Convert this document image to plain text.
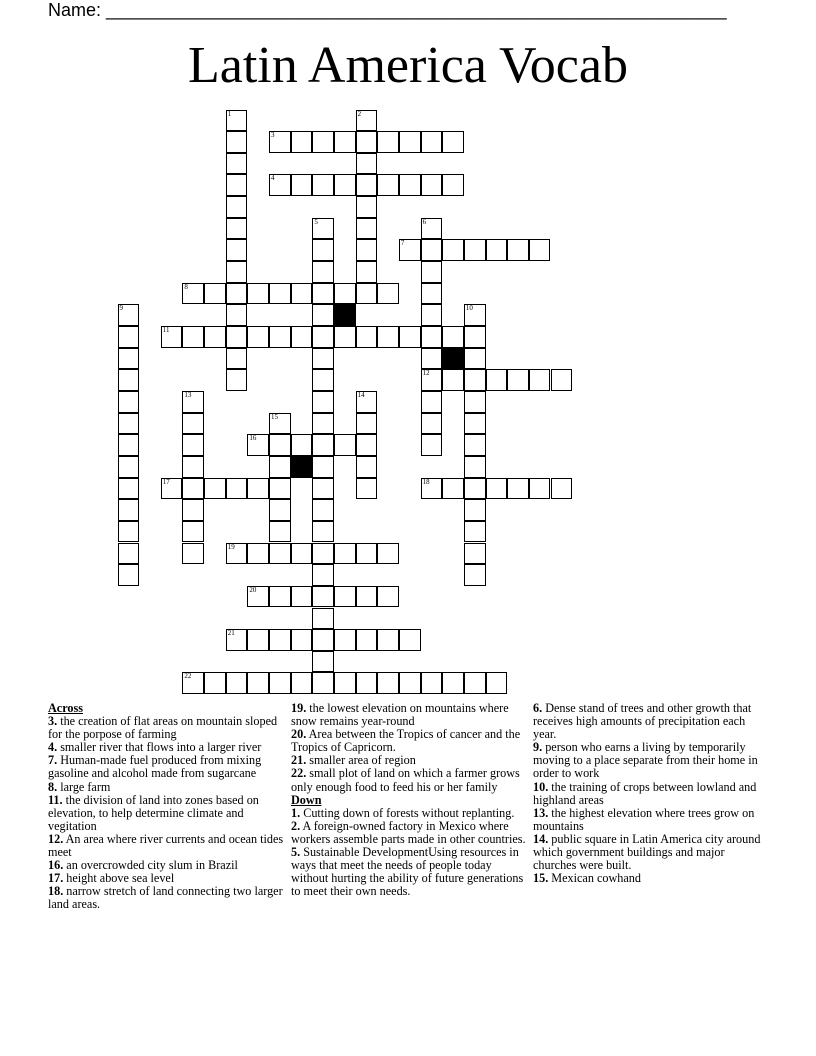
Name: ______________________________________________________________
Latin America Vocab
3
4
7
8
11
12
16
17	18
19
20
21
22
1	2
5	6
9	10
13	14
15
Across
3. the creation of flat areas on mountain sloped for the porpose of farming
4. smaller river that flows into a larger river
7. Human-made fuel produced from mixing gasoline and alcohol made from sugarcane
8. large farm
11. the division of land into zones based on elevation, to help determine climate and vegitation
12. An area where river currents and ocean tides meet
16. an overcrowded city slum in Brazil
17. height above sea level
18. narrow stretch of land connecting two larger land areas.
19. the lowest elevation on mountains where snow remains year-round
20. Area between the Tropics of cancer and the Tropics of Capricorn.
21. smaller area of region
22. small plot of land on which a farmer grows only enough food to feed his or her family
Down
1. Cutting down of forests without replanting.
2. A foreign-owned factory in Mexico where workers assemble parts made in other countries.
5. Sustainable DevelopmentUsing resources in ways that meet the needs of people today without hurting the ability of future generations to meet their own needs.
6. Dense stand of trees and other growth that receives high amounts of precipitation each year.
9. person who earns a living by temporarily moving to a place separate from their home in order to work
10. the training of crops between lowland and highland areas
13. the highest elevation where trees grow on mountains
14. public square in Latin America city around which government buildings and major churches were built.
15. Mexican cowhand
